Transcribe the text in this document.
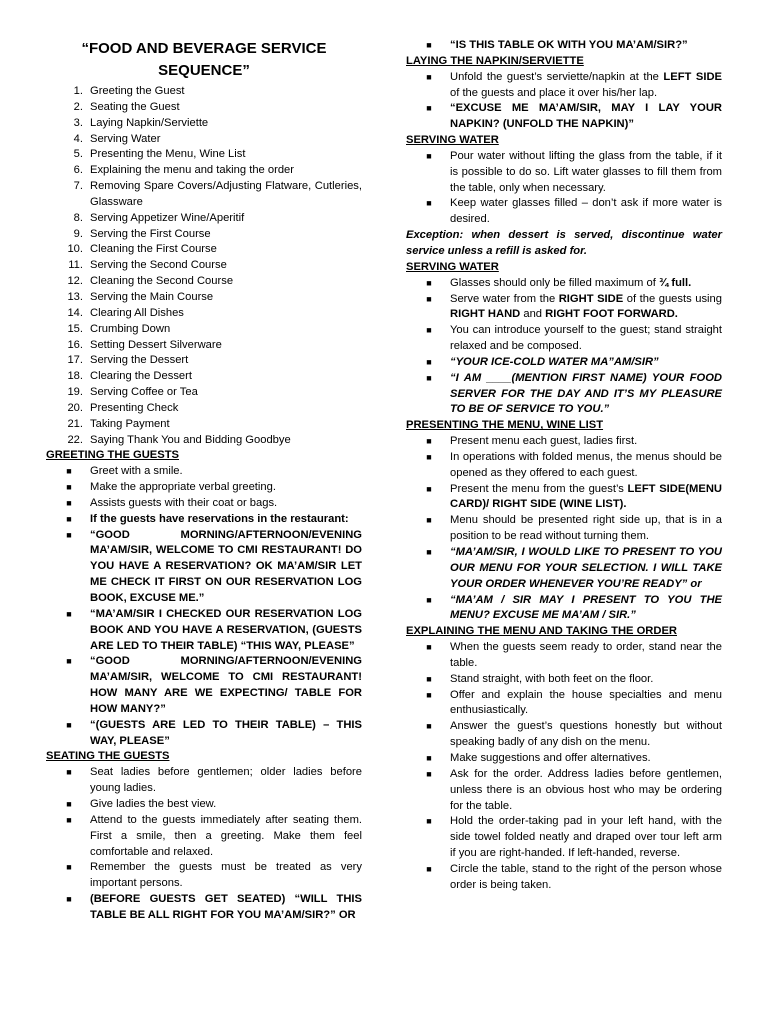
“FOOD AND BEVERAGE SERVICE
SEQUENCE”
1. Greeting the Guest
2. Seating the Guest
3. Laying Napkin/Serviette
4. Serving Water
5. Presenting the Menu, Wine List
6. Explaining the menu and taking the order
7. Removing Spare Covers/Adjusting Flatware, Cutleries, Glassware
8. Serving Appetizer Wine/Aperitif
9. Serving the First Course
10. Cleaning the First Course
11. Serving the Second Course
12. Cleaning the Second Course
13. Serving the Main Course
14. Clearing All Dishes
15. Crumbing Down
16. Setting Dessert Silverware
17. Serving the Dessert
18. Clearing the Dessert
19. Serving Coffee or Tea
20. Presenting Check
21. Taking Payment
22. Saying Thank You and Bidding Goodbye
GREETING THE GUESTS
■	Greet with a smile.
■	Make the appropriate verbal greeting.
■	Assists guests with their coat or bags.
■	If the guests have reservations in the restaurant:
■	“GOOD MORNING/AFTERNOON/EVENING MA’AM/SIR, WELCOME TO CMI RESTAURANT! DO YOU HAVE A RESERVATION? OK MA’AM/SIR LET ME CHECK IT FIRST ON OUR RESERVATION LOG BOOK, EXCUSE ME.”
■	“MA’AM/SIR I CHECKED OUR RESERVATION LOG BOOK AND YOU HAVE A RESERVATION, (GUESTS ARE LED TO THEIR TABLE) “THIS WAY, PLEASE”
■	“GOOD MORNING/AFTERNOON/EVENING MA’AM/SIR, WELCOME TO CMI RESTAURANT! HOW MANY ARE WE EXPECTING/ TABLE FOR HOW MANY?”
■	“(GUESTS ARE LED TO THEIR TABLE) – THIS WAY, PLEASE”
SEATING THE GUESTS
■	Seat ladies before gentlemen; older ladies before young ladies.
■	Give ladies the best view.
■	Attend to the guests immediately after seating them. First a smile, then a greeting. Make them feel comfortable and relaxed.
■	Remember the guests must be treated as very important persons.
■	(BEFORE GUESTS GET SEATED) “WILL THIS TABLE BE ALL RIGHT FOR YOU MA’AM/SIR?” OR
■	“IS THIS TABLE OK WITH YOU MA’AM/SIR?”
LAYING THE NAPKIN/SERVIETTE
■	Unfold the guest’s serviette/napkin at the LEFT SIDE of the guests and place it over his/her lap.
■	“EXCUSE ME MA’AM/SIR, MAY I LAY YOUR NAPKIN? (UNFOLD THE NAPKIN)”
SERVING WATER
■	Pour water without lifting the glass from the table, if it is possible to do so. Lift water glasses to fill them from the table, only when necessary.
■	Keep water glasses filled – don’t ask if more water is desired.
Exception: when dessert is served, discontinue water service unless a refill is asked for.
SERVING WATER
■	Glasses should only be filled maximum of ¾ full.
■	Serve water from the RIGHT SIDE of the guests using RIGHT HAND and RIGHT FOOT FORWARD.
■	You can introduce yourself to the guest; stand straight relaxed and be composed.
■	“YOUR ICE-COLD WATER MA”AM/SIR”
■	“I AM ____(MENTION FIRST NAME) YOUR FOOD SERVER FOR THE DAY AND IT’S MY PLEASURE TO BE OF SERVICE TO YOU.”
PRESENTING THE MENU, WINE LIST
■	Present menu each guest, ladies first.
■	In operations with folded menus, the menus should be opened as they offered to each guest.
■	Present the menu from the guest’s LEFT SIDE(MENU CARD)/ RIGHT SIDE (WINE LIST).
■	Menu should be presented right side up, that is in a position to be read without turning them.
■	“MA’AM/SIR, I WOULD LIKE TO PRESENT TO YOU OUR MENU FOR YOUR SELECTION. I WILL TAKE YOUR ORDER WHENEVER YOU’RE READY” or
■	“MA’AM / SIR MAY I PRESENT TO YOU THE MENU? EXCUSE ME MA’AM / SIR.”
EXPLAINING THE MENU AND TAKING THE ORDER
■	When the guests seem ready to order, stand near the table.
■	Stand straight, with both feet on the floor.
■	Offer and explain the house specialties and menu enthusiastically.
■	Answer the guest’s questions honestly but without speaking badly of any dish on the menu.
■	Make suggestions and offer alternatives.
■	Ask for the order. Address ladies before gentlemen, unless there is an obvious host who may be ordering for the table.
■	Hold the order-taking pad in your left hand, with the side towel folded neatly and draped over tour left arm if you are right-handed. If left-handed, reverse.
■	Circle the table, stand to the right of the person whose order is being taken.
